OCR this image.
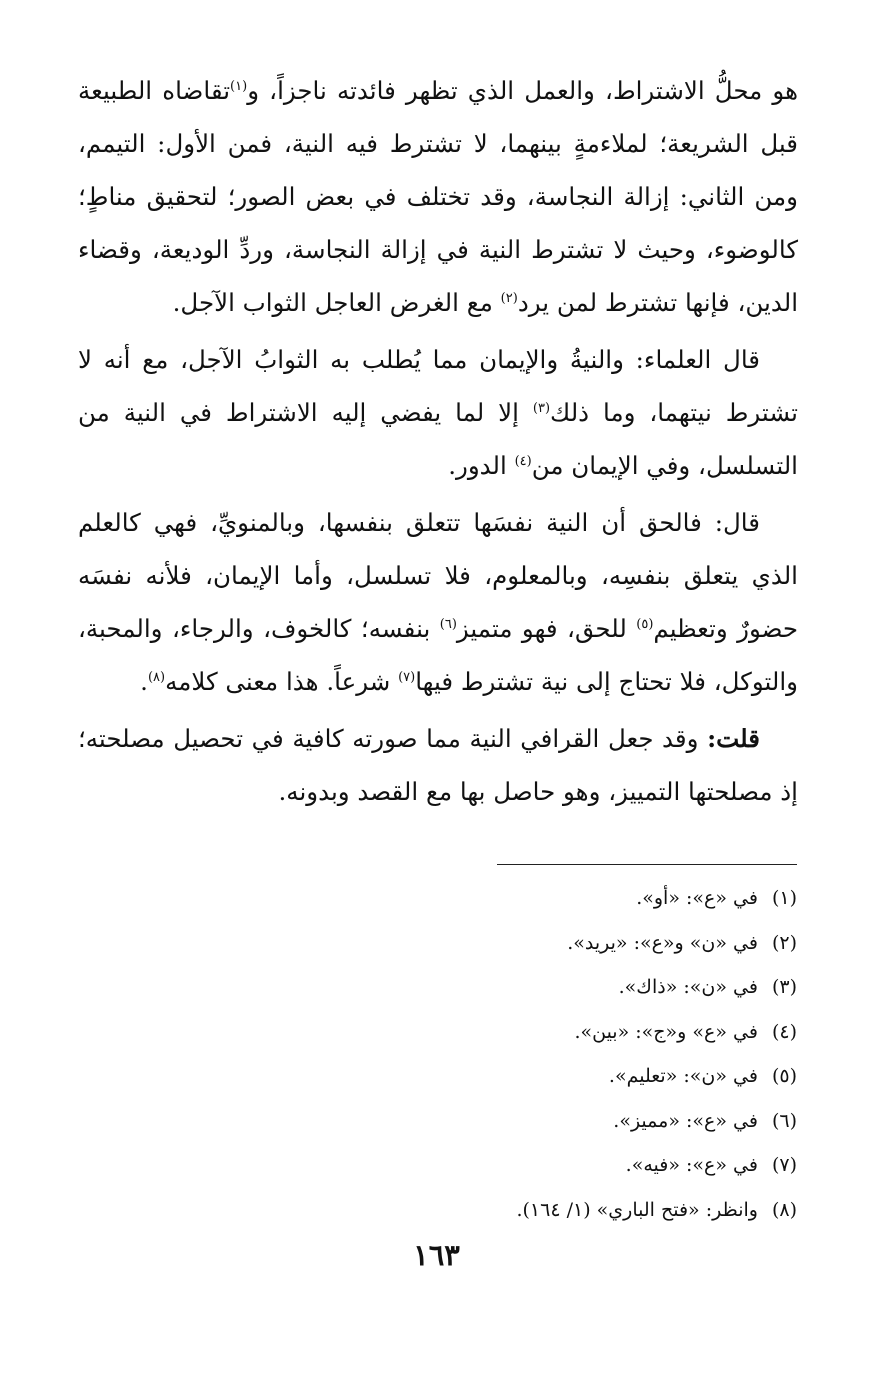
هو محلُّ الاشتراط، والعمل الذي تظهر فائدته ناجزاً، و$^{(١)}$تقاضاه الطبيعة قبل الشريعة؛ لملاءمةٍ بينهما، لا تشترط فيه النية، فمن الأول: التيمم، ومن الثاني: إزالة النجاسة، وقد تختلف في بعض الصور؛ لتحقيق مناطٍ؛ كالوضوء، وحيث لا تشترط النية في إزالة النجاسة، وردِّ الوديعة، وقضاء الدين، فإنها تشترط لمن يرد$^{(٢)}$ مع الغرض العاجل الثواب الآجل.

قال العلماء: والنيةُ والإيمان مما يُطلب به الثوابُ الآجل، مع أنه لا تشترط نيتهما، وما ذلك$^{(٣)}$ إلا لما يفضي إليه الاشتراط في النية من التسلسل، وفي الإيمان من$^{(٤)}$ الدور.

قال: فالحق أن النية نفسَها تتعلق بنفسها، وبالمنويِّ، فهي كالعلم الذي يتعلق بنفسِه، وبالمعلوم، فلا تسلسل، وأما الإيمان، فلأنه نفسَه حضورٌ وتعظيم$^{(٥)}$ للحق، فهو متميز$^{(٦)}$ بنفسه؛ كالخوف، والرجاء، والمحبة، والتوكل، فلا تحتاج إلى نية تشترط فيها$^{(٧)}$ شرعاً. هذا معنى كلامه$^{(٨)}$.

قلت: وقد جعل القرافي النية مما صورته كافية في تحصيل مصلحته؛ إذ مصلحتها التمييز، وهو حاصل بها مع القصد وبدونه.

(١)في «ع»: «أو».
(٢)في «ن» و«ع»: «يريد».
(٣)في «ن»: «ذاك».
(٤)في «ع» و«ج»: «بين».
(٥)في «ن»: «تعليم».
(٦)في «ع»: «مميز».
(٧)في «ع»: «فيه».
(٨)وانظر: «فتح الباري» (١/ ١٦٤).
١٦٣
